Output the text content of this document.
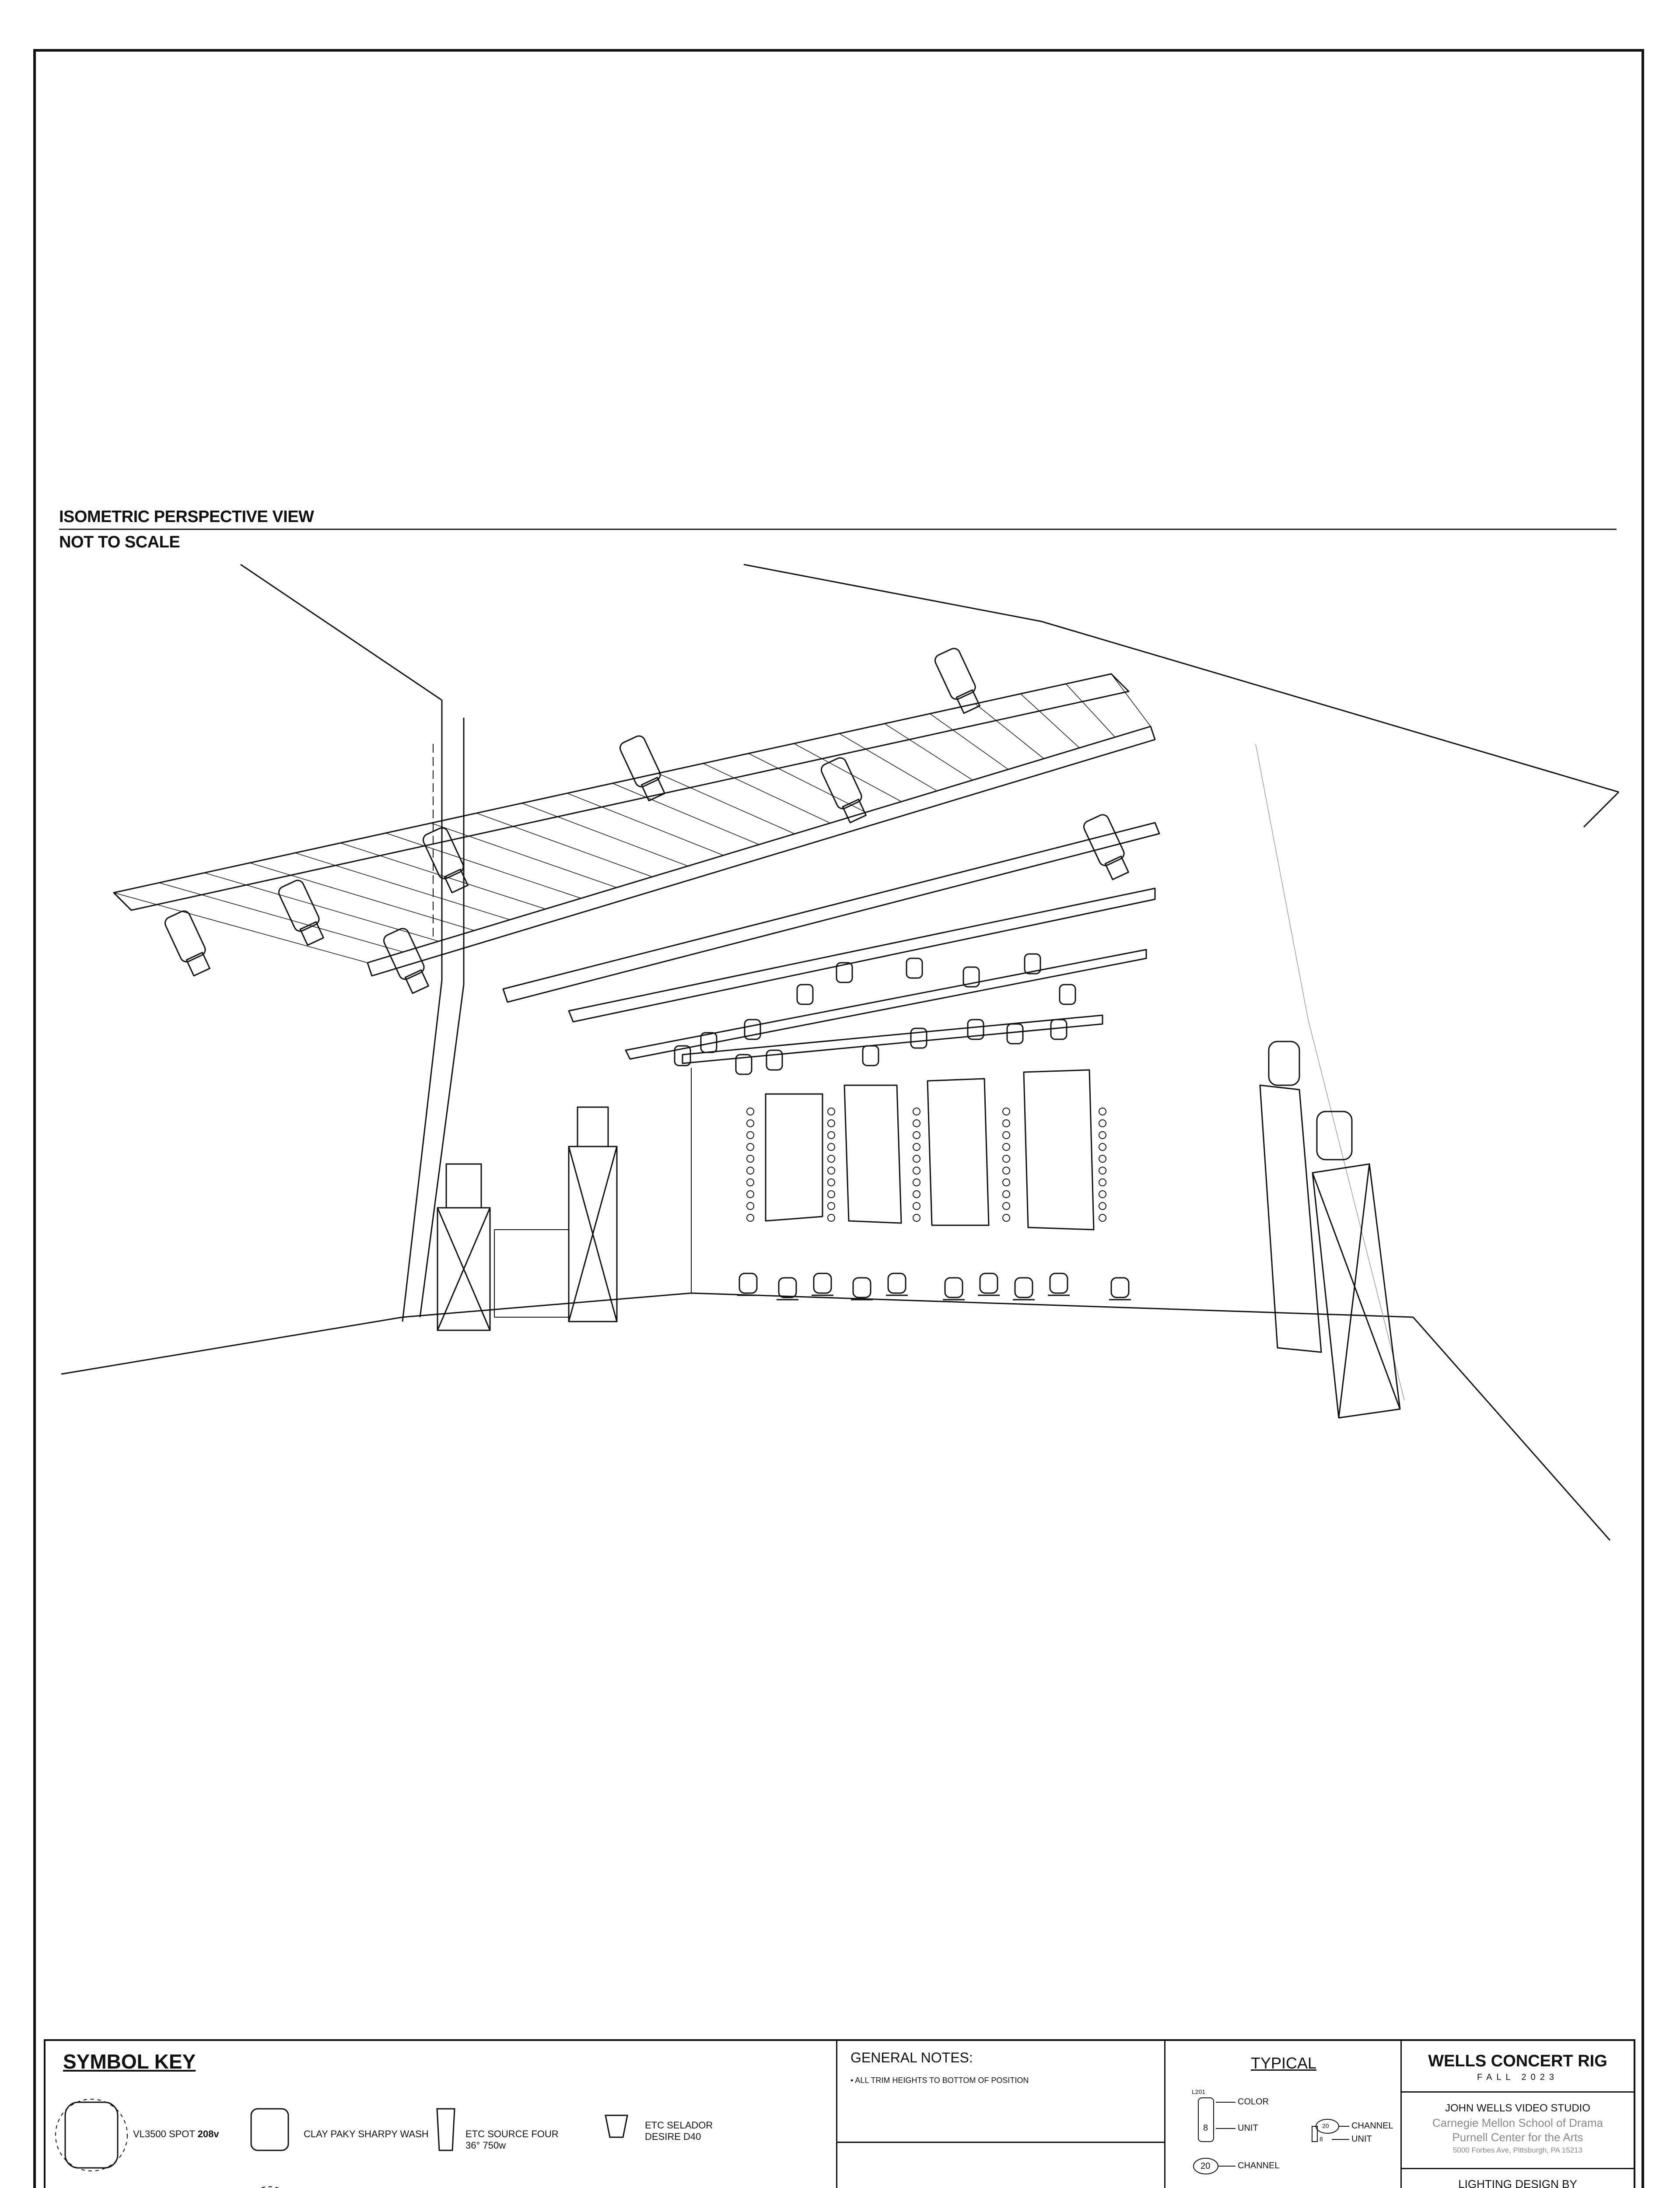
ISOMETRIC PERSPECTIVE VIEW
NOT TO SCALE
SYMBOL KEY
VL3500 SPOT 208v	CLAY PAKY SHARPY WASH	ETC SOURCE FOUR 36° 750w
ETC SELADOR DESIRE D40
GENERAL NOTES:
• ALL TRIM HEIGHTS TO BOTTOM OF POSITION
TYPICAL
L201
COLOR
8	UNIT
20	CHANNEL
20
8
CHANNEL
UNIT
WELLS CONCERT RIG
FALL 2023
JOHN WELLS VIDEO STUDIO
Carnegie Mellon School of Drama
Purnell Center for the Arts
5000 Forbes Ave, Pittsburgh, PA 15213
LIGHTING DESIGN BY
